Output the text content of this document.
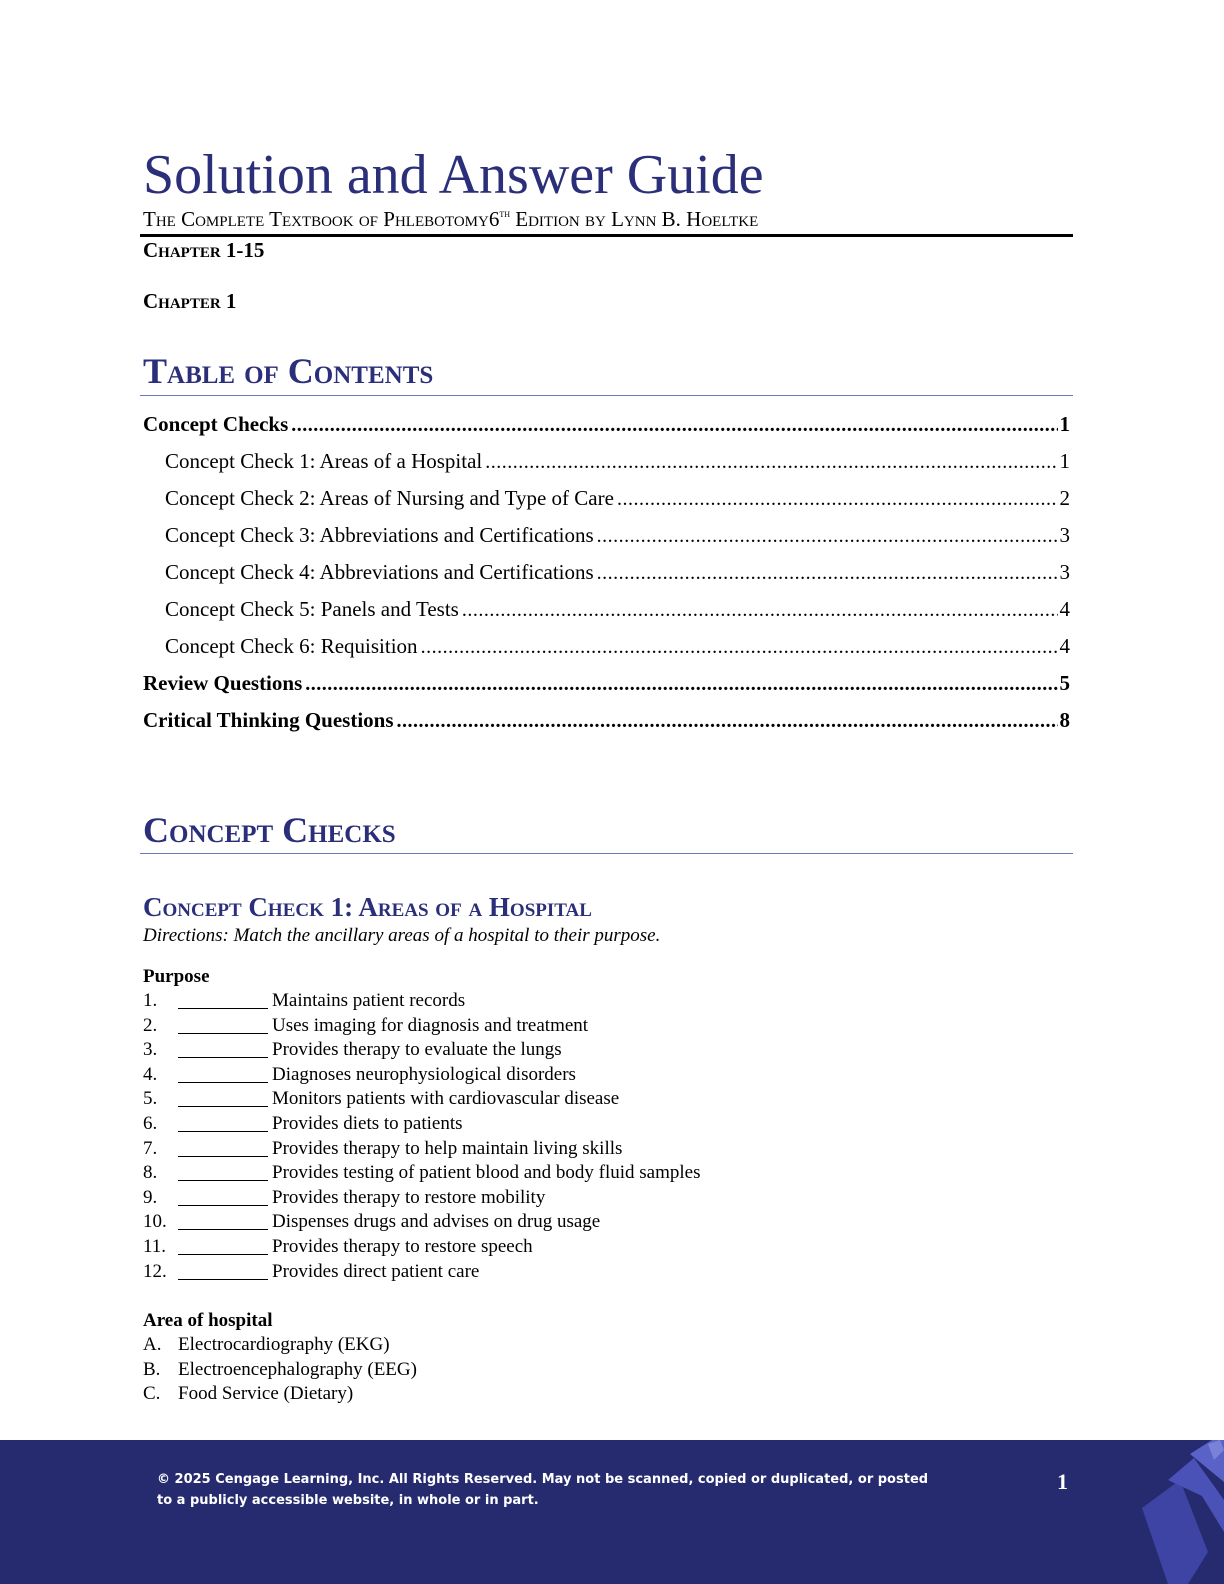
Solution and Answer Guide
The Complete Textbook of Phlebotomy6th Edition by Lynn B. Hoeltke
Chapter 1-15
Chapter 1
Table of Contents
Concept Checks .....	1
Concept Check 1: Areas of a Hospital .....	1
Concept Check 2: Areas of Nursing and Type of Care .....	2
Concept Check 3: Abbreviations and Certifications .....	3
Concept Check 4: Abbreviations and Certifications .....	3
Concept Check 5: Panels and Tests .....	4
Concept Check 6: Requisition .....	4
Review Questions .....	5
Critical Thinking Questions .....	8
Concept Checks
Concept Check 1: Areas of a Hospital
Directions: Match the ancillary areas of a hospital to their purpose.
Purpose
1.	Maintains patient records
2.	Uses imaging for diagnosis and treatment
3.	Provides therapy to evaluate the lungs
4.	Diagnoses neurophysiological disorders
5.	Monitors patients with cardiovascular disease
6.	Provides diets to patients
7.	Provides therapy to help maintain living skills
8.	Provides testing of patient blood and body fluid samples
9.	Provides therapy to restore mobility
10.	Dispenses drugs and advises on drug usage
11.	Provides therapy to restore speech
12.	Provides direct patient care
Area of hospital
A. Electrocardiography (EKG)
B. Electroencephalography (EEG)
C. Food Service (Dietary)
© 2025 Cengage Learning, Inc. All Rights Reserved. May not be scanned, copied or duplicated, or posted to a publicly accessible website, in whole or in part.
1
